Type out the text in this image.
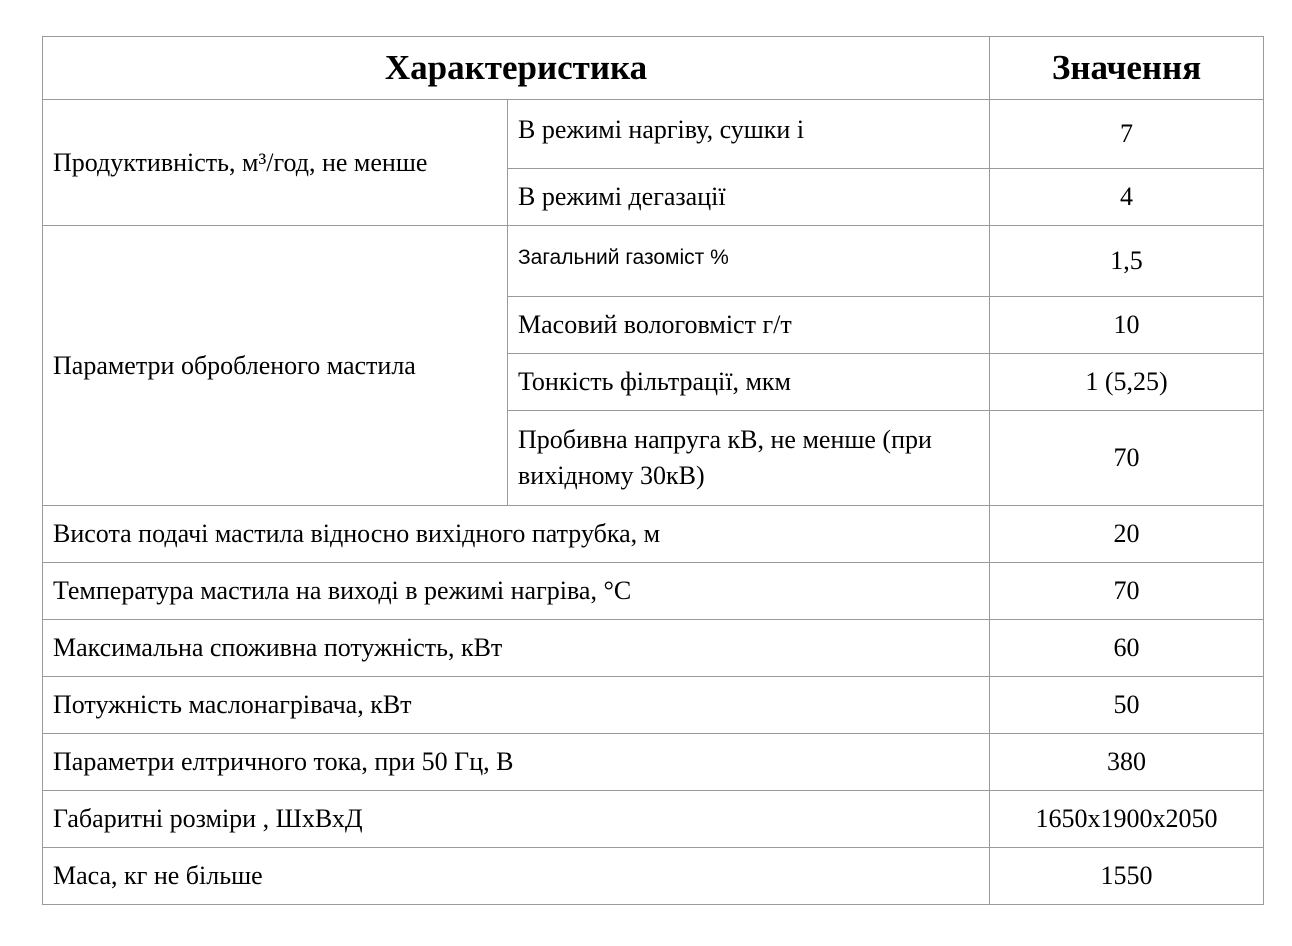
Характеристика		Значення
Продуктивність, м³/год, не менше	В режимі наргіву, сушки і	7
	В режимі дегазації	4
Параметри обробленого мастила	Загальний газоміст %	1,5
	Масовий вологовміст г/т	10
	Тонкість фільтрації, мкм	1 (5,25)
	Пробивна напруга кВ, не менше (при вихідному 30кВ)	70
Висота подачі мастила відносно вихідного патрубка, м		20
Температура мастила на виході в режимі нагріва, °С		70
Максимальна споживна потужність, кВт		60
Потужність маслонагрівача, кВт		50
Параметри елтричного тока, при 50 Гц, В		380
Габаритні розміри , ШхВхД		1650x1900x2050
Маса, кг не більше		1550
